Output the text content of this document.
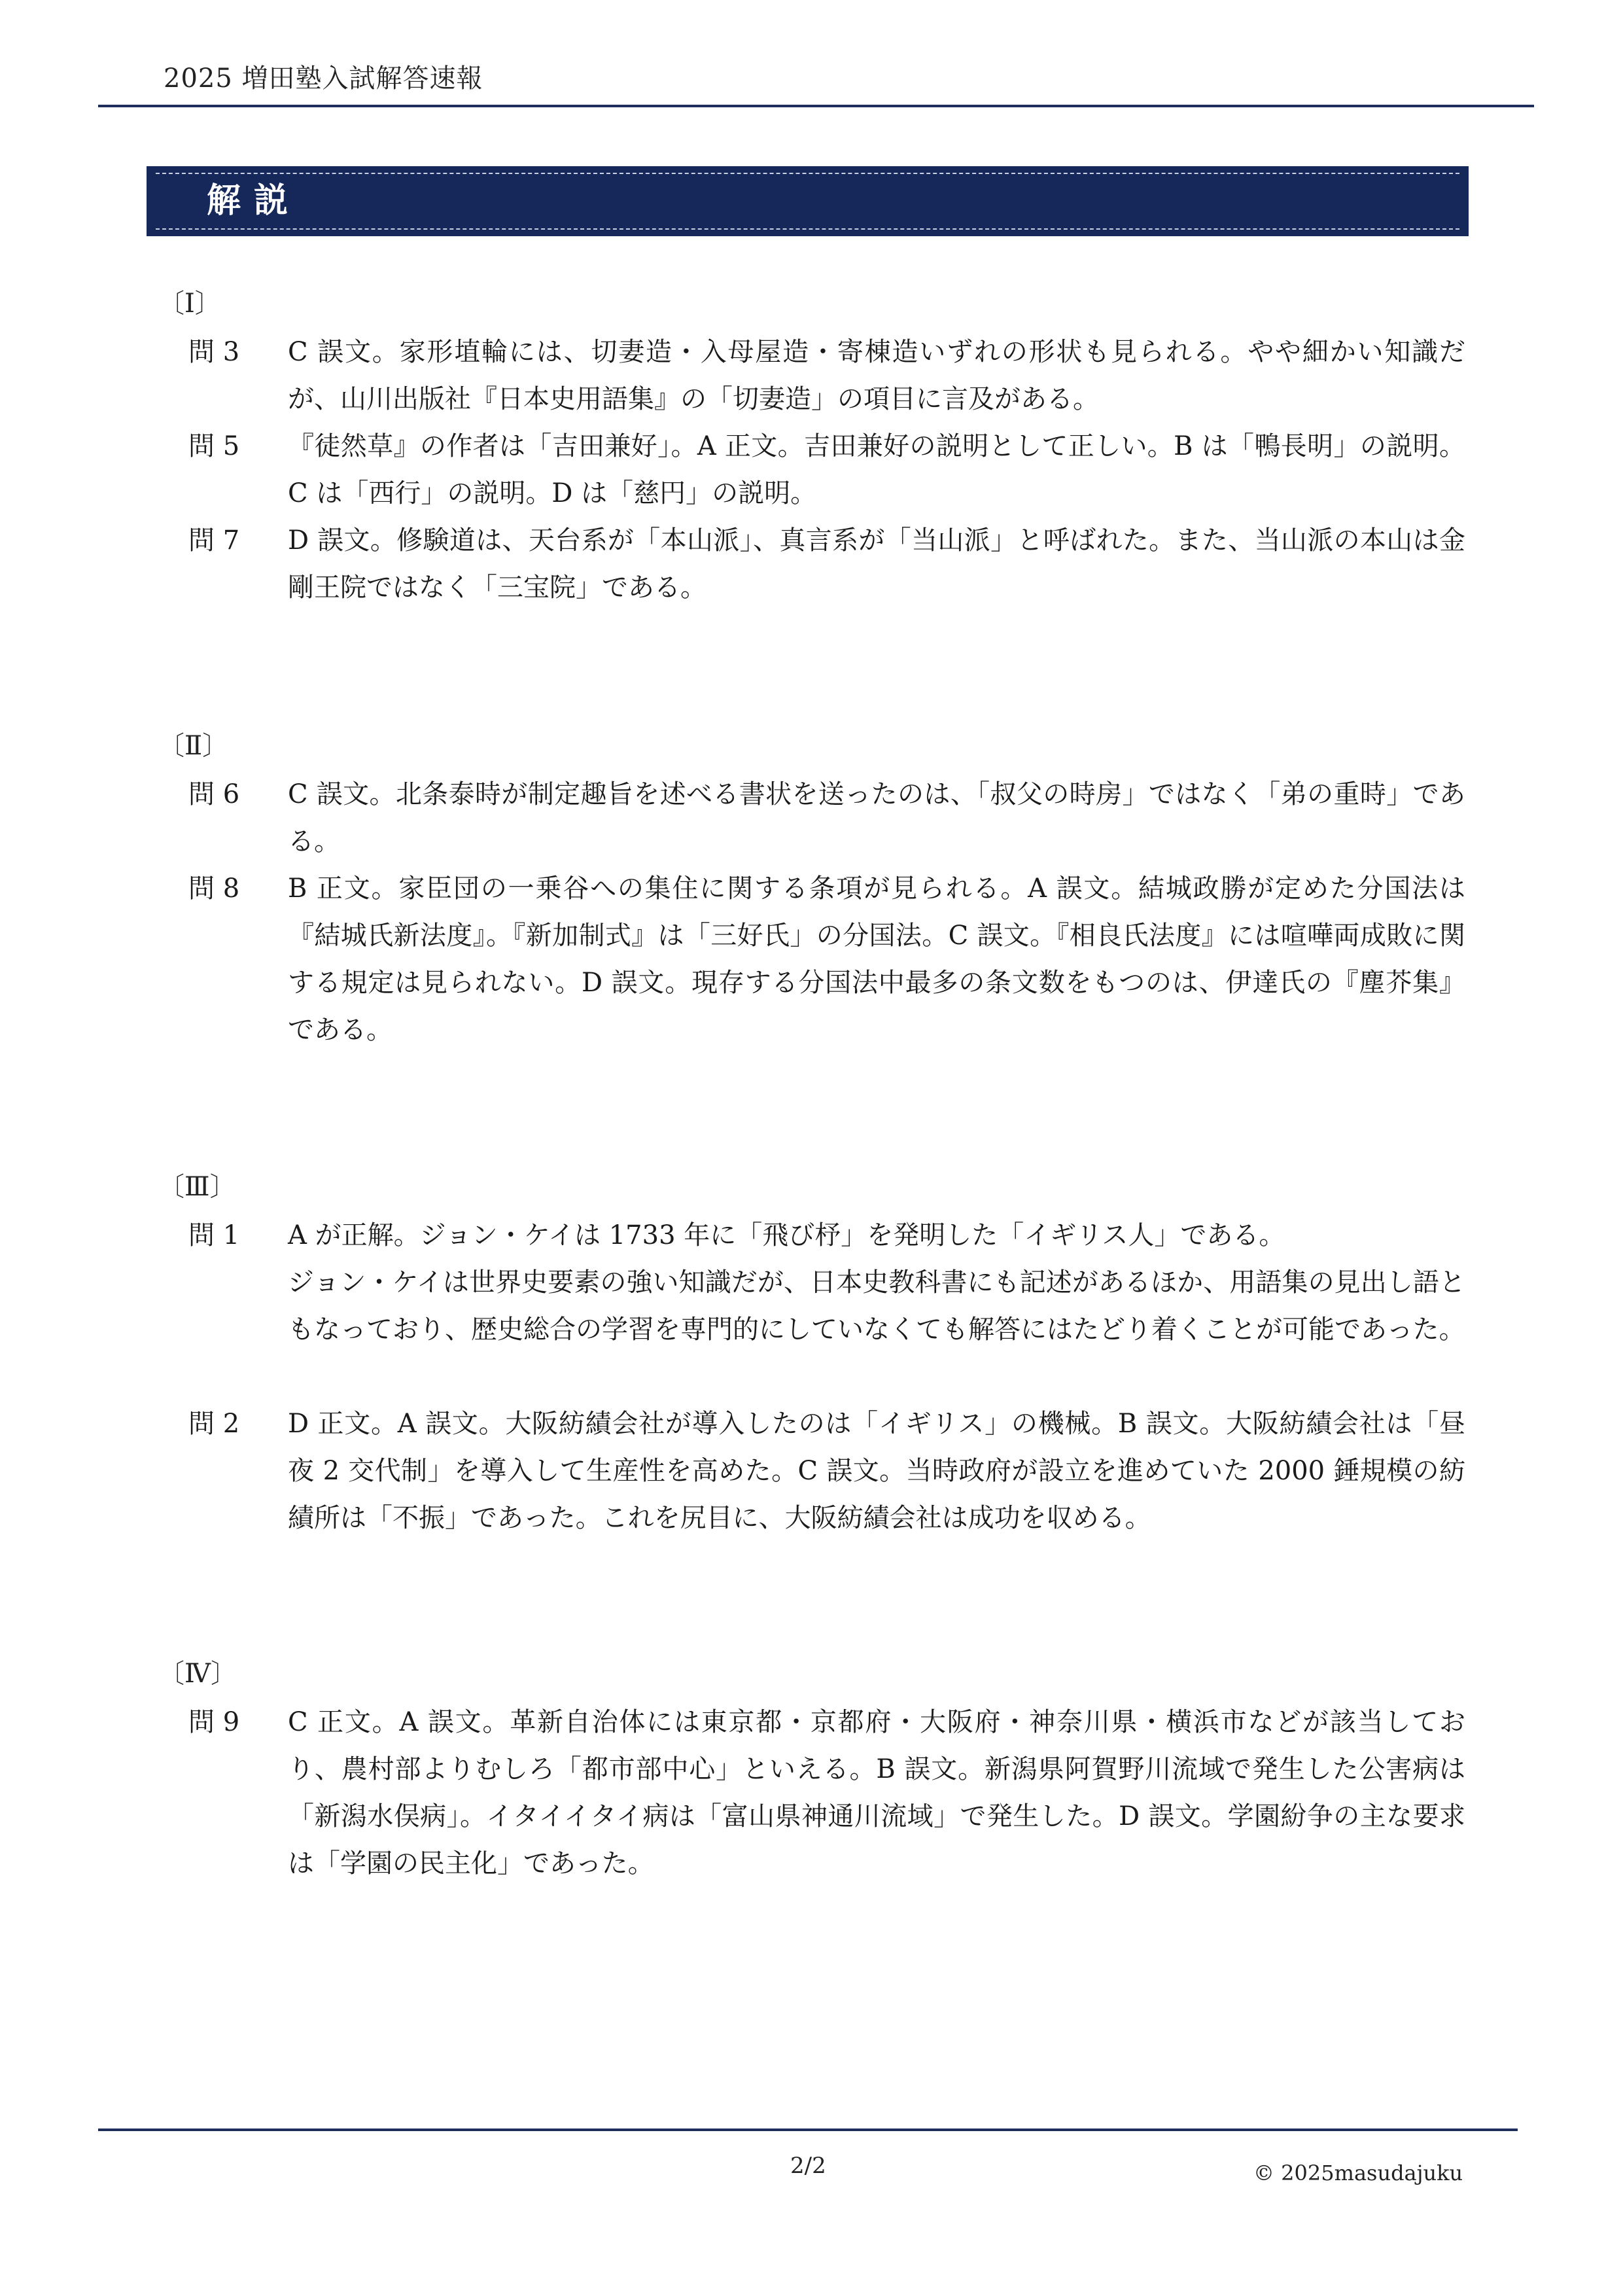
2025 増田塾入試解答速報
解説
〔Ⅰ〕
問 3 C 誤文。家形埴輪には、切妻造・入母屋造・寄棟造いずれの形状も見られる。やや細かい知識だが、山川出版社『日本史用語集』の「切妻造」の項目に言及がある。
問 5 『徒然草』の作者は「吉田兼好」。A 正文。吉田兼好の説明として正しい。B は「鴨長明」の説明。C は「西行」の説明。D は「慈円」の説明。
問 7 D 誤文。修験道は、天台系が「本山派」、真言系が「当山派」と呼ばれた。また、当山派の本山は金剛王院ではなく「三宝院」である。
〔Ⅱ〕
問 6 C 誤文。北条泰時が制定趣旨を述べる書状を送ったのは、「叔父の時房」ではなく「弟の重時」である。
問 8 B 正文。家臣団の一乗谷への集住に関する条項が見られる。A 誤文。結城政勝が定めた分国法は『結城氏新法度』。『新加制式』は「三好氏」の分国法。C 誤文。『相良氏法度』には喧嘩両成敗に関する規定は見られない。D 誤文。現存する分国法中最多の条文数をもつのは、伊達氏の『塵芥集』である。
〔Ⅲ〕
問 1 A が正解。ジョン・ケイは 1733 年に「飛び杼」を発明した「イギリス人」である。
ジョン・ケイは世界史要素の強い知識だが、日本史教科書にも記述があるほか、用語集の見出し語ともなっており、歴史総合の学習を専門的にしていなくても解答にはたどり着くことが可能であった。
問 2 D 正文。A 誤文。大阪紡績会社が導入したのは「イギリス」の機械。B 誤文。大阪紡績会社は「昼夜 2 交代制」を導入して生産性を高めた。C 誤文。当時政府が設立を進めていた 2000 錘規模の紡績所は「不振」であった。これを尻目に、大阪紡績会社は成功を収める。
〔Ⅳ〕
問 9 C 正文。A 誤文。革新自治体には東京都・京都府・大阪府・神奈川県・横浜市などが該当しており、農村部よりむしろ「都市部中心」といえる。B 誤文。新潟県阿賀野川流域で発生した公害病は「新潟水俣病」。イタイイタイ病は「富山県神通川流域」で発生した。D 誤文。学園紛争の主な要求は「学園の民主化」であった。
2/2	© 2025masudajuku
